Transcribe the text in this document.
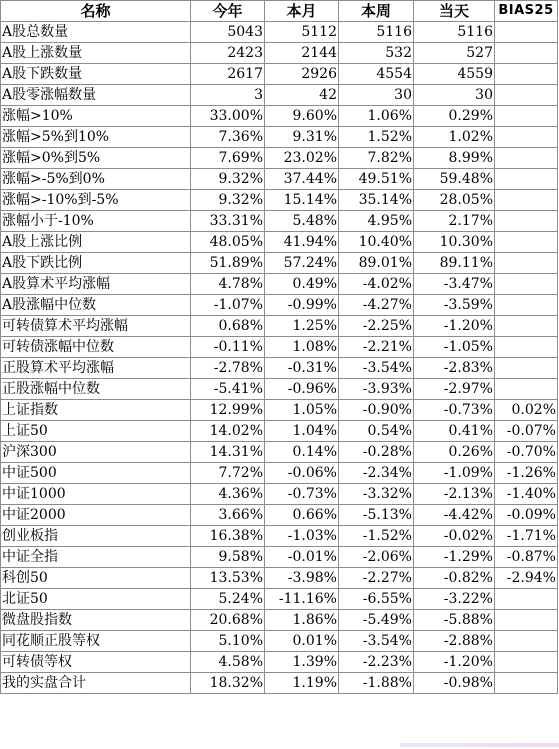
名称	今年	本月	本周	当天	BIAS25
A股总数量	5043	5112	5116	5116	
A股上涨数量	2423	2144	532	527	
A股下跌数量	2617	2926	4554	4559	
A股零涨幅数量	3	42	30	30	
涨幅>10%	33.00%	9.60%	1.06%	0.29%	
涨幅>5%到10%	7.36%	9.31%	1.52%	1.02%	
涨幅>0%到5%	7.69%	23.02%	7.82%	8.99%	
涨幅>-5%到0%	9.32%	37.44%	49.51%	59.48%	
涨幅>-10%到-5%	9.32%	15.14%	35.14%	28.05%	
涨幅小于-10%	33.31%	5.48%	4.95%	2.17%	
A股上涨比例	48.05%	41.94%	10.40%	10.30%	
A股下跌比例	51.89%	57.24%	89.01%	89.11%	
A股算术平均涨幅	4.78%	0.49%	-4.02%	-3.47%	
A股涨幅中位数	-1.07%	-0.99%	-4.27%	-3.59%	
可转债算术平均涨幅	0.68%	1.25%	-2.25%	-1.20%	
可转债涨幅中位数	-0.11%	1.08%	-2.21%	-1.05%	
正股算术平均涨幅	-2.78%	-0.31%	-3.54%	-2.83%	
正股涨幅中位数	-5.41%	-0.96%	-3.93%	-2.97%	
上证指数	12.99%	1.05%	-0.90%	-0.73%	0.02%
上证50	14.02%	1.04%	0.54%	0.41%	-0.07%
沪深300	14.31%	0.14%	-0.28%	0.26%	-0.70%
中证500	7.72%	-0.06%	-2.34%	-1.09%	-1.26%
中证1000	4.36%	-0.73%	-3.32%	-2.13%	-1.40%
中证2000	3.66%	0.66%	-5.13%	-4.42%	-0.09%
创业板指	16.38%	-1.03%	-1.52%	-0.02%	-1.71%
中证全指	9.58%	-0.01%	-2.06%	-1.29%	-0.87%
科创50	13.53%	-3.98%	-2.27%	-0.82%	-2.94%
北证50	5.24%	-11.16%	-6.55%	-3.22%	
微盘股指数	20.68%	1.86%	-5.49%	-5.88%	
同花顺正股等权	5.10%	0.01%	-3.54%	-2.88%	
可转债等权	4.58%	1.39%	-2.23%	-1.20%	
我的实盘合计	18.32%	1.19%	-1.88%	-0.98%	
